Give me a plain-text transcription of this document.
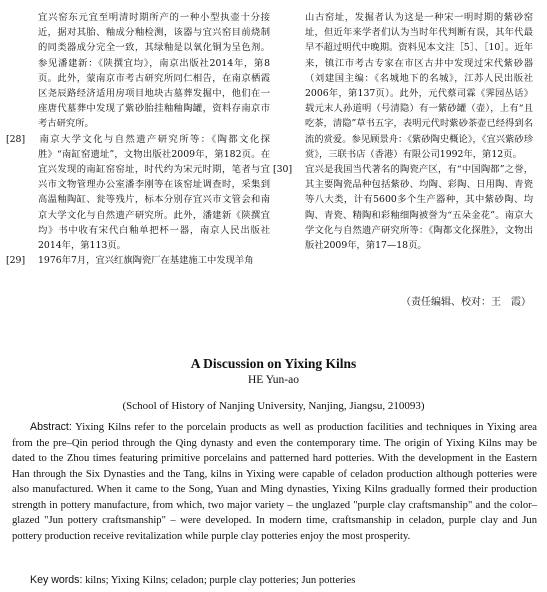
宜兴窑东元宜至明清时期所产的一种小型执壶十分接近，据对其胎、釉成分釉检测，该器与宜兴窑目前烧制的同类器成分完全一致，其绿釉是以氧化铜为呈色剂。参见潘建新：《陕撰宜均》，南京出版社2014年，第8页。此外，蒙南京市考古研究所同仁相告，在南京栖霞区尧辰路经济适用房项目地块古墓葬发掘中，他们在一座唐代墓葬中发现了紫砂胎挂釉釉陶罐，资料存南京市考古研究所。

[28] 南京大学文化与自然遗产研究所等：《陶都文化探胜》“南缸窑遗址”，文物出版社2009年，第182页。在宜兴发现的南缸窑窑址，时代约为宋元时期，笔者与宜兴市文物管理办公室潘李刚等在该窑址调查时，采集到高温釉陶缸、瓮等残片，标本分别存宜兴市文管会和南京大学文化与自然遗产研究所。此外，潘建新《陕撰宜均》书中收有宋代白釉单把杯一器，南京人民出版社2014年，第113页。

[29] 1976年7月，宜兴红旗陶瓷厂在基建施工中发现羊角

山古窑址，发掘者认为这是一种宋一明时期的紫砂窑址，但近年来学者们认为当时年代判断有误，其年代最早不超过明代中晚期。资料见本文注［5］、［10］。近年来，镇江市考古专家在市区古井中发现过宋代紫砂器（刘建国主编：《名城地下的名城》，江苏人民出版社2006年，第137页）。此外，元代蔡司霖《霁园丛话》载元末人孙道明（号清隐）有一紫砂罐（壶），上有“且吃茶，清隐”草书五字，表明元代时紫砂茶壶已经得到名流的赏爱。参见顾景舟：《紫砂陶史概论》，《宜兴紫砂珍赏》，三联书店（香港）有限公司1992年，第12页。

[30] 宜兴是我国当代著名的陶瓷产区，有“中国陶都”之誉，其主要陶瓷品种包括紫砂、均陶、彩陶、日用陶、青瓷等八大类，计有5600多个生产器种，其中紫砂陶、均陶、青瓷、精陶和彩釉细陶被誉为“五朵金花”。南京大学文化与自然遗产研究所等：《陶都文化探胜》，文物出版社2009年，第17—18页。

（责任编辑、校对：王　霞）
A Discussion on Yixing Kilns
HE Yun-ao
(School of History of Nanjing University, Nanjing, Jiangsu, 210093)

Abstract: Yixing Kilns refer to the porcelain products as well as production facilities and techniques in Yixing area from the pre–Qin period through the Qing dynasty and even the contemporary time. The origin of Yixing Kilns may be dated to the Zhou times featuring primitive porcelains and patterned hard potteries. With the development in the Eastern Han through the Six Dynasties and the Tang, kilns in Yixing were capable of celadon production although potteries were also manufactured. When it came to the Song, Yuan and Ming dynasties, Yixing Kilns gradually formed their production strength in pottery manufacture, from which, two major variety – the unglazed "purple clay craftsmanship" and the color–glazed "Jun pottery craftsmanship" – were developed. In modern time, craftsmanship in celadon, purple clay and Jun pottery production receive revitalization while purple clay potteries enjoy the most prosperity.

Key words: kilns; Yixing Kilns; celadon; purple clay potteries; Jun potteries
